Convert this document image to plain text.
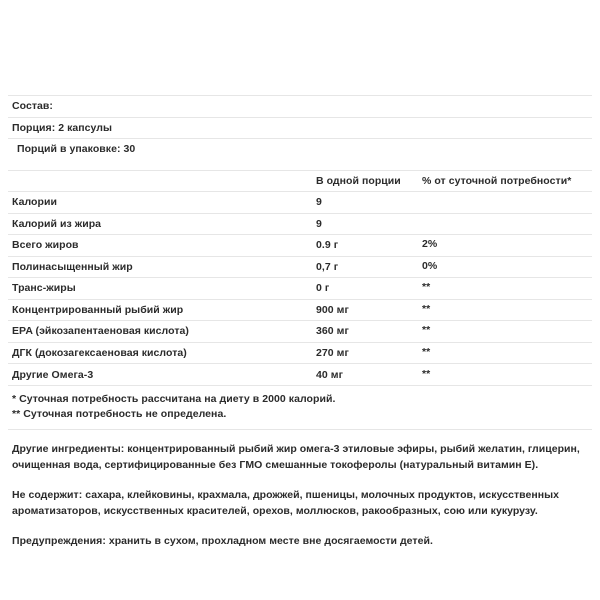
Состав:
Порция: 2 капсулы
Порций в упаковке: 30
	В одной порции	% от суточной потребности*
Калории	9	
Калорий из жира	9	
Всего жиров	0.9 г	2%
Полинасыщенный жир	0,7 г	0%
Транс-жиры	0 г	**
Концентрированный рыбий жир	900 мг	**
EPA (эйкозапентаеновая кислота)	360 мг	**
ДГК (докозагексаеновая кислота)	270 мг	**
Другие Омега-3	40 мг	**
* Суточная потребность рассчитана на диету в 2000 калорий.
** Суточная потребность не определена.

Другие ингредиенты: концентрированный рыбий жир омега-3 этиловые эфиры, рыбий желатин, глицерин, очищенная вода, сертифицированные без ГМО смешанные токоферолы (натуральный витамин Е).

Не содержит: сахара, клейковины, крахмала, дрожжей, пшеницы, молочных продуктов, искусственных ароматизаторов, искусственных красителей, орехов, моллюсков, ракообразных, сою или кукурузу.

Предупреждения: хранить в сухом, прохладном месте вне досягаемости детей.
